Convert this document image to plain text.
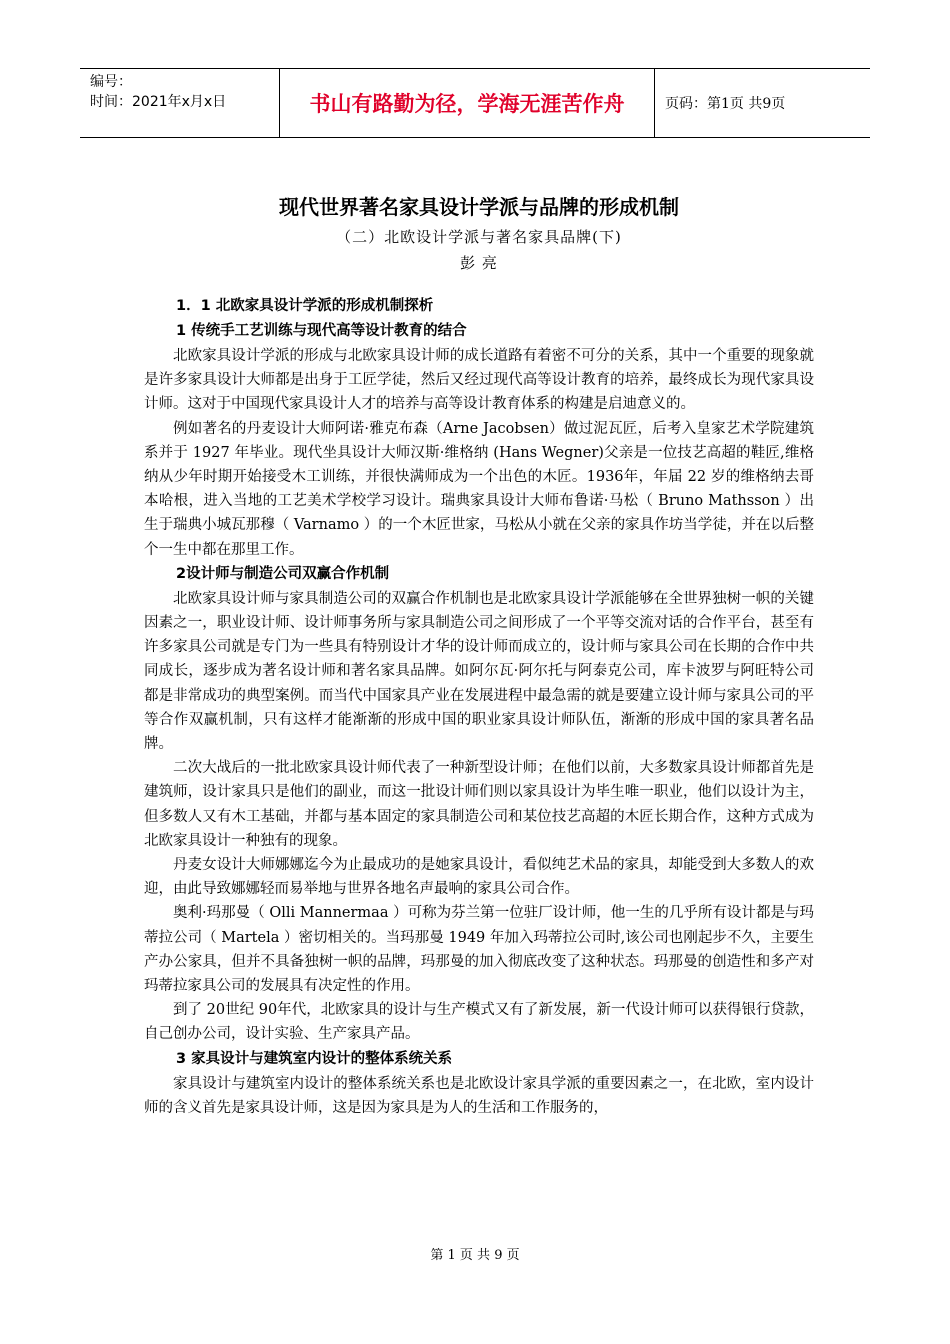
编号：
时间：2021年x月x日	书山有路勤为径，学海无涯苦作舟	页码：第1页 共9页
现代世界著名家具设计学派与品牌的形成机制
（二）北欧设计学派与著名家具品牌(下)
彭 亮
1．1 北欧家具设计学派的形成机制探析
1 传统手工艺训练与现代高等设计教育的结合

北欧家具设计学派的形成与北欧家具设计师的成长道路有着密不可分的关系，其中一个重要的现象就是许多家具设计大师都是出身于工匠学徒，然后又经过现代高等设计教育的培养，最终成长为现代家具设计师。这对于中国现代家具设计人才的培养与高等设计教育体系的构建是启迪意义的。

例如著名的丹麦设计大师阿诺·雅克布森（Arne Jacobsen）做过泥瓦匠，后考入皇家艺术学院建筑系并于 1927 年毕业。现代坐具设计大师汉斯·维格纳 (Hans Wegner)父亲是一位技艺高超的鞋匠,维格纳从少年时期开始接受木工训练，并很快满师成为一个出色的木匠。1936年，年届 22 岁的维格纳去哥本哈根，进入当地的工艺美术学校学习设计。瑞典家具设计大师布鲁诺·马松（ Bruno Mathsson ）出生于瑞典小城瓦那穆（ Varnamo ）的一个木匠世家，马松从小就在父亲的家具作坊当学徒，并在以后整个一生中都在那里工作。

2设计师与制造公司双赢合作机制

北欧家具设计师与家具制造公司的双赢合作机制也是北欧家具设计学派能够在全世界独树一帜的关键因素之一，职业设计师、设计师事务所与家具制造公司之间形成了一个平等交流对话的合作平台，甚至有许多家具公司就是专门为一些具有特别设计才华的设计师而成立的，设计师与家具公司在长期的合作中共同成长，逐步成为著名设计师和著名家具品牌。如阿尔瓦·阿尔托与阿泰克公司，库卡波罗与阿旺特公司都是非常成功的典型案例。而当代中国家具产业在发展进程中最急需的就是要建立设计师与家具公司的平等合作双赢机制，只有这样才能渐渐的形成中国的职业家具设计师队伍，渐渐的形成中国的家具著名品牌。

二次大战后的一批北欧家具设计师代表了一种新型设计师；在他们以前，大多数家具设计师都首先是建筑师，设计家具只是他们的副业，而这一批设计师们则以家具设计为毕生唯一职业，他们以设计为主，但多数人又有木工基础，并都与基本固定的家具制造公司和某位技艺高超的木匠长期合作，这种方式成为北欧家具设计一种独有的现象。

丹麦女设计大师娜娜迄今为止最成功的是她家具设计，看似纯艺术品的家具，却能受到大多数人的欢迎，由此导致娜娜轻而易举地与世界各地名声最响的家具公司合作。

奥利·玛那曼（ Olli Mannermaa ）可称为芬兰第一位驻厂设计师，他一生的几乎所有设计都是与玛蒂拉公司（ Martela ）密切相关的。当玛那曼 1949 年加入玛蒂拉公司时,该公司也刚起步不久，主要生产办公家具，但并不具备独树一帜的品牌，玛那曼的加入彻底改变了这种状态。玛那曼的创造性和多产对玛蒂拉家具公司的发展具有决定性的作用。

到了 20世纪 90年代，北欧家具的设计与生产模式又有了新发展，新一代设计师可以获得银行贷款，自己创办公司，设计实验、生产家具产品。

3 家具设计与建筑室内设计的整体系统关系

家具设计与建筑室内设计的整体系统关系也是北欧设计家具学派的重要因素之一，在北欧，室内设计师的含义首先是家具设计师，这是因为家具是为人的生活和工作服务的，

第 1 页 共 9 页
